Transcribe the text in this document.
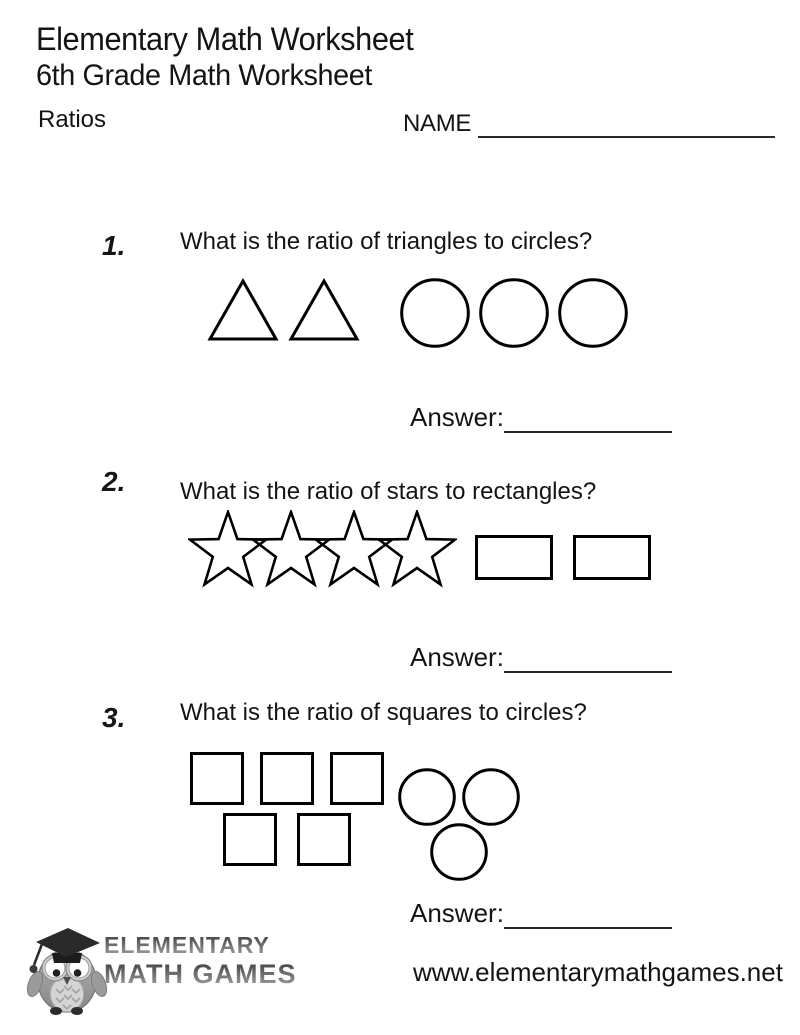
Elementary Math Worksheet
6th Grade Math Worksheet
Ratios	NAME
1. What is the ratio of triangles to circles?
Answer:
2. What is the ratio of stars to rectangles?
Answer:
3. What is the ratio of squares to circles?
Answer:
ELEMENTARY
MATH GAMES	www.elementarymathgames.net
